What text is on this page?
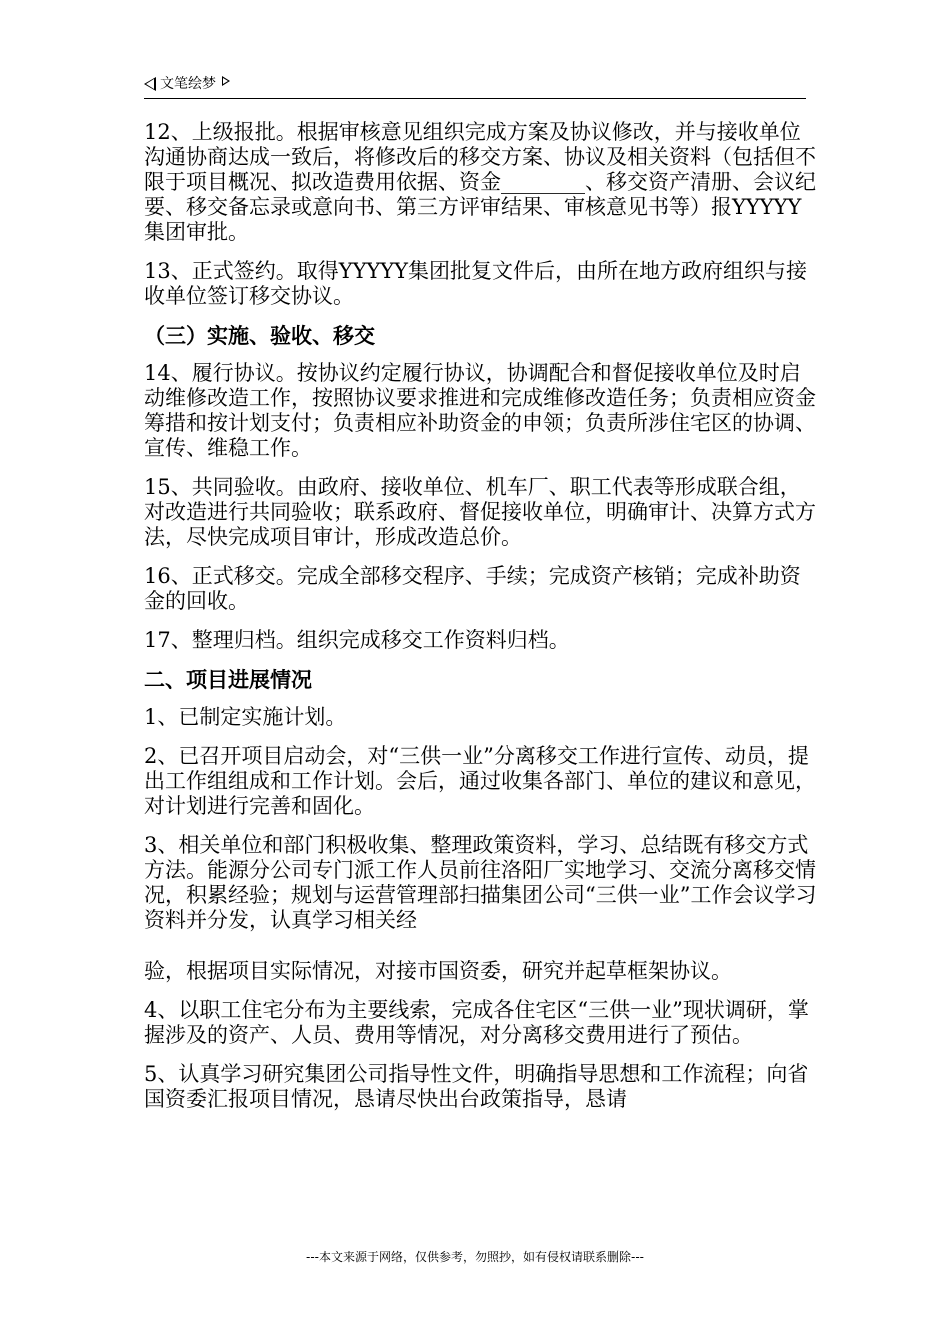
文笔绘梦

12、上级报批。根据审核意见组织完成方案及协议修改，并与接收单位沟通协商达成一致后，将修改后的移交方案、协议及相关资料（包括但不限于项目概况、拟改造费用依据、资金________、移交资产清册、会议纪要、移交备忘录或意向书、第三方评审结果、审核意见书等）报YYYYY集团审批。

13、正式签约。取得YYYYY集团批复文件后，由所在地方政府组织与接收单位签订移交协议。

（三）实施、验收、移交

14、履行协议。按协议约定履行协议，协调配合和督促接收单位及时启动维修改造工作，按照协议要求推进和完成维修改造任务；负责相应资金筹措和按计划支付；负责相应补助资金的申领；负责所涉住宅区的协调、宣传、维稳工作。

15、共同验收。由政府、接收单位、机车厂、职工代表等形成联合组，对改造进行共同验收；联系政府、督促接收单位，明确审计、决算方式方法，尽快完成项目审计，形成改造总价。

16、正式移交。完成全部移交程序、手续；完成资产核销；完成补助资金的回收。

17、整理归档。组织完成移交工作资料归档。

二、项目进展情况

1、已制定实施计划。

2、已召开项目启动会，对“三供一业”分离移交工作进行宣传、动员，提出工作组组成和工作计划。会后，通过收集各部门、单位的建议和意见，对计划进行完善和固化。

3、相关单位和部门积极收集、整理政策资料，学习、总结既有移交方式方法。能源分公司专门派工作人员前往洛阳厂实地学习、交流分离移交情况，积累经验；规划与运营管理部扫描集团公司“三供一业”工作会议学习资料并分发，认真学习相关经

验，根据项目实际情况，对接市国资委，研究并起草框架协议。

4、以职工住宅分布为主要线索，完成各住宅区“三供一业”现状调研，掌握涉及的资产、人员、费用等情况，对分离移交费用进行了预估。

5、认真学习研究集团公司指导性文件，明确指导思想和工作流程；向省国资委汇报项目情况，恳请尽快出台政策指导，恳请

---本文来源于网络，仅供参考，勿照抄，如有侵权请联系删除---
